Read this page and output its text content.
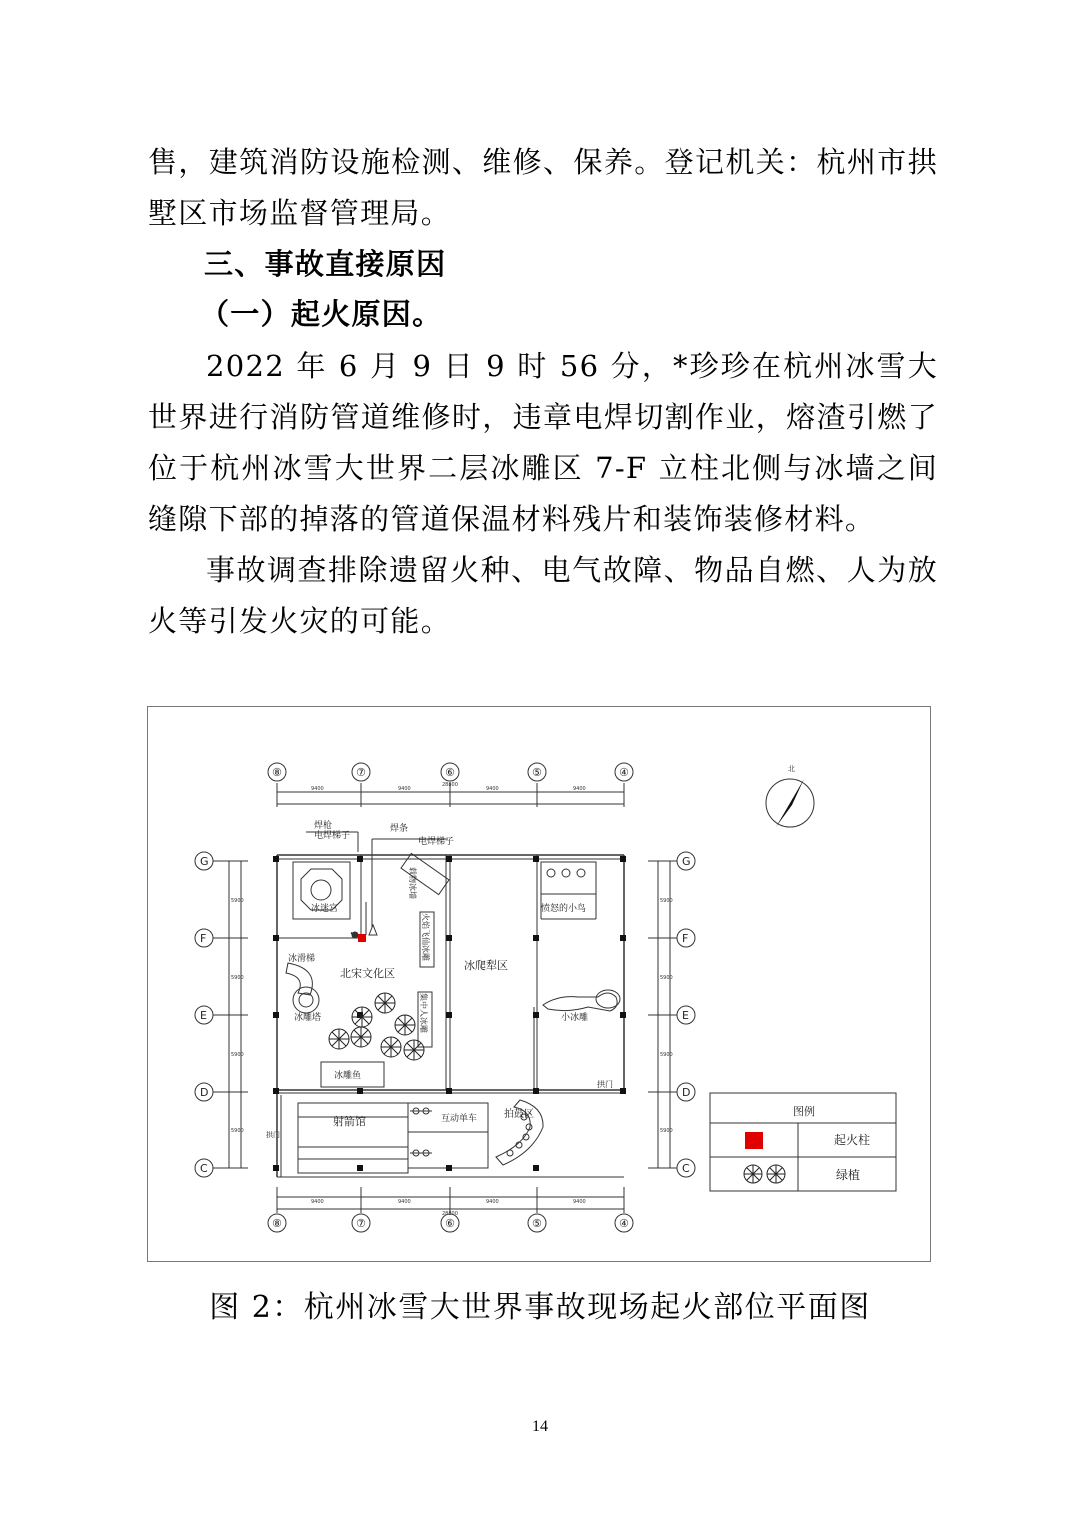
售，建筑消防设施检测、维修、保养。登记机关：杭州市拱墅区市场监督管理局。

三、事故直接原因

（一）起火原因。

2022 年 6 月 9 日 9 时 56 分，*珍珍在杭州冰雪大世界进行消防管道维修时，违章电焊切割作业，熔渣引燃了位于杭州冰雪大世界二层冰雕区 7-F 立柱北侧与冰墙之间缝隙下部的掉落的管道保温材料残片和装饰装修材料。

事故调查排除遗留火种、电气故障、物品自燃、人为放火等引发火灾的可能。

⑧	⑦	⑥	⑤	④
⑧	⑦	⑥	⑤	④
G
F
E
D
C
G
F
E
D
C
9400	9400	9400	9400
28800
9400	9400	9400	9400
28800
5900
5900
5900
5900
5900
5900
5900
5900
北
焊枪
电焊梯子
焊条
电焊梯子
冰迷宫	愤怒的小鸟
冰滑梯
北宋文化区
冰爬犁区
冰雕塔	小冰雕
冰雕鱼
拱门
射箭馆	互动单车	拍鼓区
拱门
载物冰墙
火焰飞仙冰雕
集中人冰雕
图例
起火柱
绿植

图 2：杭州冰雪大世界事故现场起火部位平面图

14
